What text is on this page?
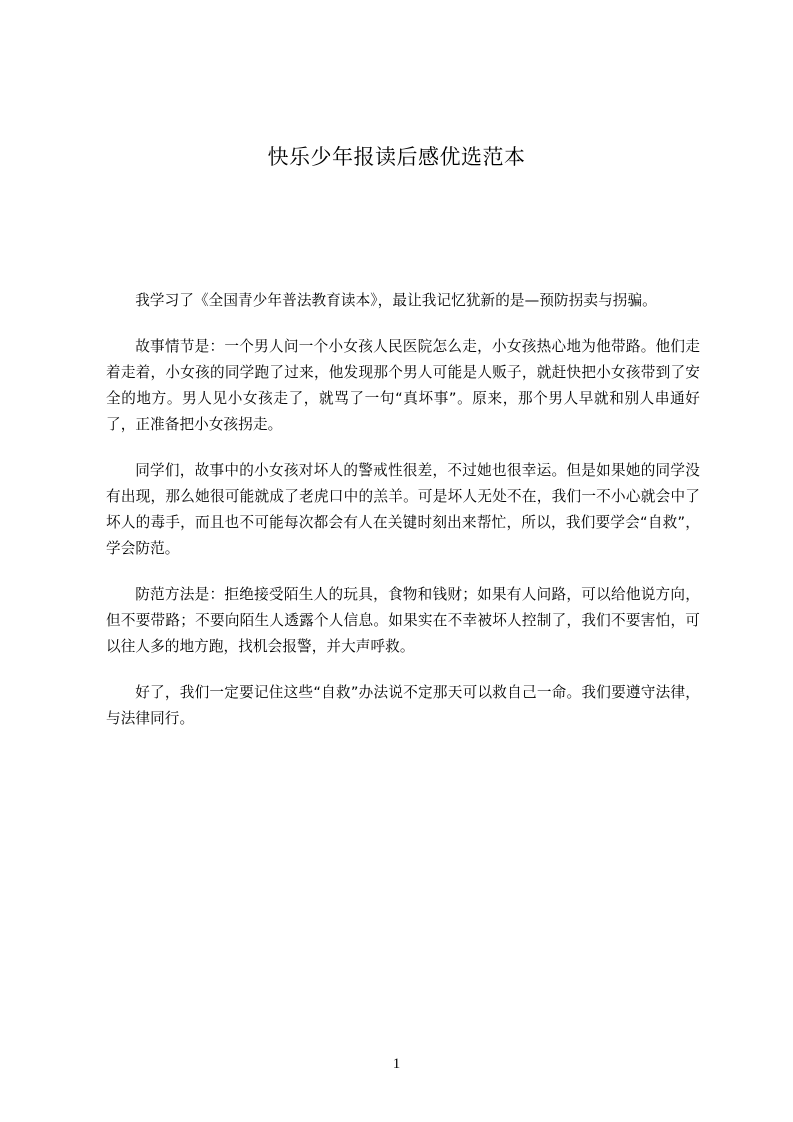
快乐少年报读后感优选范本

我学习了《全国青少年普法教育读本》，最让我记忆犹新的是—预防拐卖与拐骗。

故事情节是：一个男人问一个小女孩人民医院怎么走，小女孩热心地为他带路。他们走着走着，小女孩的同学跑了过来，他发现那个男人可能是人贩子，就赶快把小女孩带到了安全的地方。男人见小女孩走了，就骂了一句“真坏事”。原来，那个男人早就和别人串通好了，正准备把小女孩拐走。

同学们，故事中的小女孩对坏人的警戒性很差，不过她也很幸运。但是如果她的同学没有出现，那么她很可能就成了老虎口中的羔羊。可是坏人无处不在，我们一不小心就会中了坏人的毒手，而且也不可能每次都会有人在关键时刻出来帮忙，所以，我们要学会“自救”，学会防范。

防范方法是：拒绝接受陌生人的玩具，食物和钱财；如果有人问路，可以给他说方向，但不要带路；不要向陌生人透露个人信息。如果实在不幸被坏人控制了，我们不要害怕，可以往人多的地方跑，找机会报警，并大声呼救。

好了，我们一定要记住这些“自救”办法说不定那天可以救自己一命。我们要遵守法律，与法律同行。

1
